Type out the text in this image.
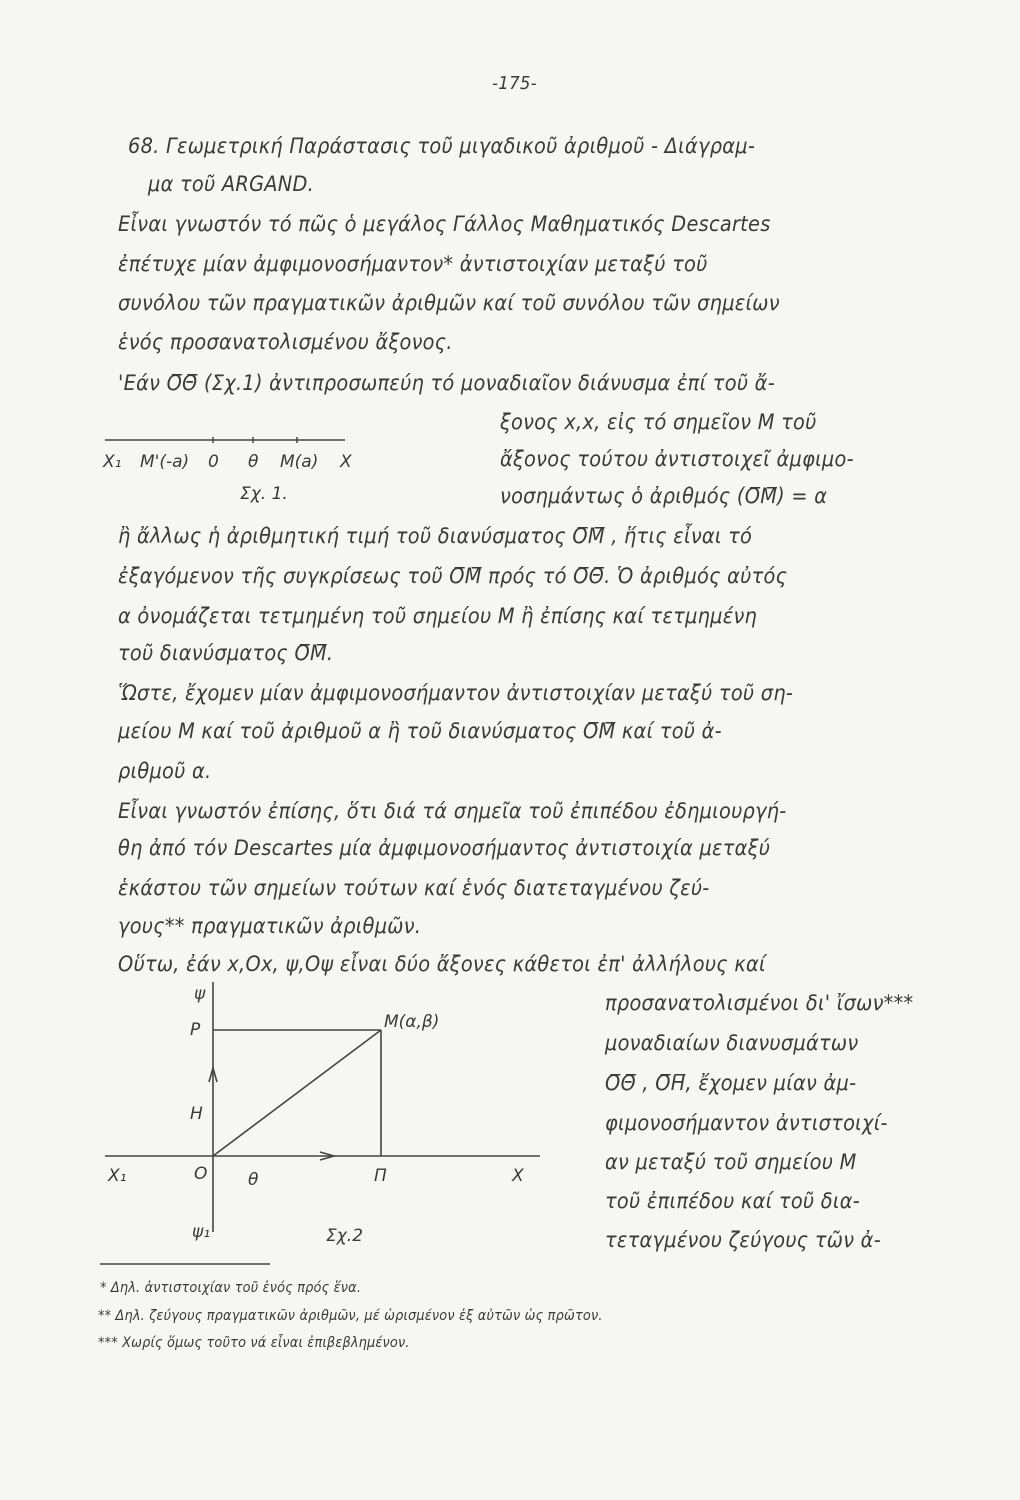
-175-
68. Γεωμετρική Παράστασις τοῦ μιγαδικοῦ ἀριθμοῦ - Διάγραμ-
μα τοῦ ARGAND.
Εἶναι γνωστόν τό πῶς ὁ μεγάλος Γάλλος Μαθηματικός Descartes
ἐπέτυχε μίαν ἀμφιμονοσήμαντον* ἀντιστοιχίαν μεταξύ τοῦ
συνόλου τῶν πραγματικῶν ἀριθμῶν καί τοῦ συνόλου τῶν σημείων
ἑνός προσανατολισμένου ἄξονος.
'Εάν Ο̅Θ̅ (Σχ.1) ἀντιπροσωπεύη τό μοναδιαῖον διάνυσμα ἐπί τοῦ ἄ-
ξονος x,x, εἰς τό σημεῖον Μ τοῦ
ἄξονος τούτου ἀντιστοιχεῖ ἀμφιμο-
νοσημάντως ὁ ἀριθμός (Ο̅Μ̅) = α
X₁ M'(-a) 0 θ M(a) X
Σχ. 1.
ἢ ἄλλως ἡ ἀριθμητική τιμή τοῦ διανύσματος Ο̅Μ̅ , ἥτις εἶναι τό
ἐξαγόμενον τῆς συγκρίσεως τοῦ Ο̅Μ̅ πρός τό Ο̅Θ̅. Ὁ ἀριθμός αὐτός
α ὀνομάζεται τετμημένη τοῦ σημείου Μ ἢ ἐπίσης καί τετμημένη
τοῦ διανύσματος Ο̅Μ̅.
Ὥστε, ἔχομεν μίαν ἀμφιμονοσήμαντον ἀντιστοιχίαν μεταξύ τοῦ ση-
μείου Μ καί τοῦ ἀριθμοῦ α ἢ τοῦ διανύσματος Ο̅Μ̅ καί τοῦ ἀ-
ριθμοῦ α.
Εἶναι γνωστόν ἐπίσης, ὅτι διά τά σημεῖα τοῦ ἐπιπέδου ἐδημιουργή-
θη ἀπό τόν Descartes μία ἀμφιμονοσήμαντος ἀντιστοιχία μεταξύ
ἑκάστου τῶν σημείων τούτων καί ἑνός διατεταγμένου ζεύ-
γους** πραγματικῶν ἀριθμῶν.
Οὕτω, ἐάν x,Ox, ψ,Oψ εἶναι δύο ἄξονες κάθετοι ἐπ' ἀλλήλους καί
προσανατολισμένοι δι' ἴσων***
μοναδιαίων διανυσμάτων
Ο̅Θ̅ , Ο̅Η̅, ἔχομεν μίαν ἀμ-
φιμονοσήμαντον ἀντιστοιχί-
αν μεταξύ τοῦ σημείου Μ
τοῦ ἐπιπέδου καί τοῦ δια-
τεταγμένου ζεύγους τῶν ἀ-
ψ
P	M(α,β)
H
X₁	O θ	Π	X
ψ₁	Σχ.2
* Δηλ. ἀντιστοιχίαν τοῦ ἑνός πρός ἕνα.
** Δηλ. ζεύγους πραγματικῶν ἀριθμῶν, μέ ὡρισμένον ἐξ αὐτῶν ὡς πρῶτον.
*** Χωρίς ὅμως τοῦτο νά εἶναι ἐπιβεβλημένον.
